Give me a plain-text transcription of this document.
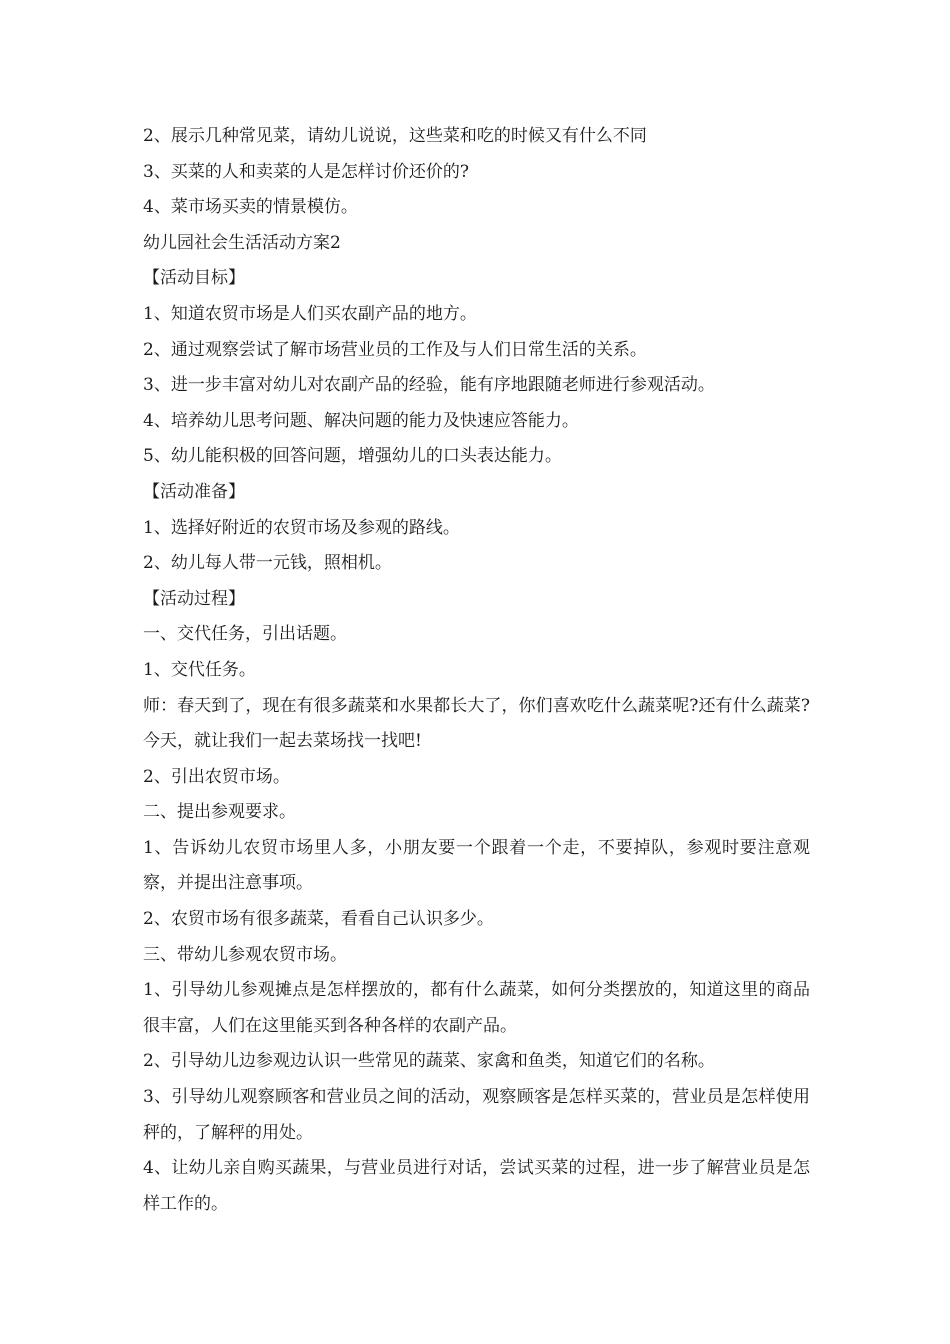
2、展示几种常见菜，请幼儿说说，这些菜和吃的时候又有什么不同
3、买菜的人和卖菜的人是怎样讨价还价的?
4、菜市场买卖的情景模仿。
幼儿园社会生活活动方案2
【活动目标】
1、知道农贸市场是人们买农副产品的地方。
2、通过观察尝试了解市场营业员的工作及与人们日常生活的关系。
3、进一步丰富对幼儿对农副产品的经验，能有序地跟随老师进行参观活动。
4、培养幼儿思考问题、解决问题的能力及快速应答能力。
5、幼儿能积极的回答问题，增强幼儿的口头表达能力。
【活动准备】
1、选择好附近的农贸市场及参观的路线。
2、幼儿每人带一元钱，照相机。
【活动过程】
一、交代任务，引出话题。
1、交代任务。
师：春天到了，现在有很多蔬菜和水果都长大了，你们喜欢吃什么蔬菜呢?还有什么蔬菜?今天，就让我们一起去菜场找一找吧!
2、引出农贸市场。
二、提出参观要求。
1、告诉幼儿农贸市场里人多，小朋友要一个跟着一个走，不要掉队，参观时要注意观察，并提出注意事项。
2、农贸市场有很多蔬菜，看看自己认识多少。
三、带幼儿参观农贸市场。
1、引导幼儿参观摊点是怎样摆放的，都有什么蔬菜，如何分类摆放的，知道这里的商品很丰富，人们在这里能买到各种各样的农副产品。
2、引导幼儿边参观边认识一些常见的蔬菜、家禽和鱼类，知道它们的名称。
3、引导幼儿观察顾客和营业员之间的活动，观察顾客是怎样买菜的，营业员是怎样使用秤的，了解秤的用处。
4、让幼儿亲自购买蔬果，与营业员进行对话，尝试买菜的过程，进一步了解营业员是怎样工作的。
